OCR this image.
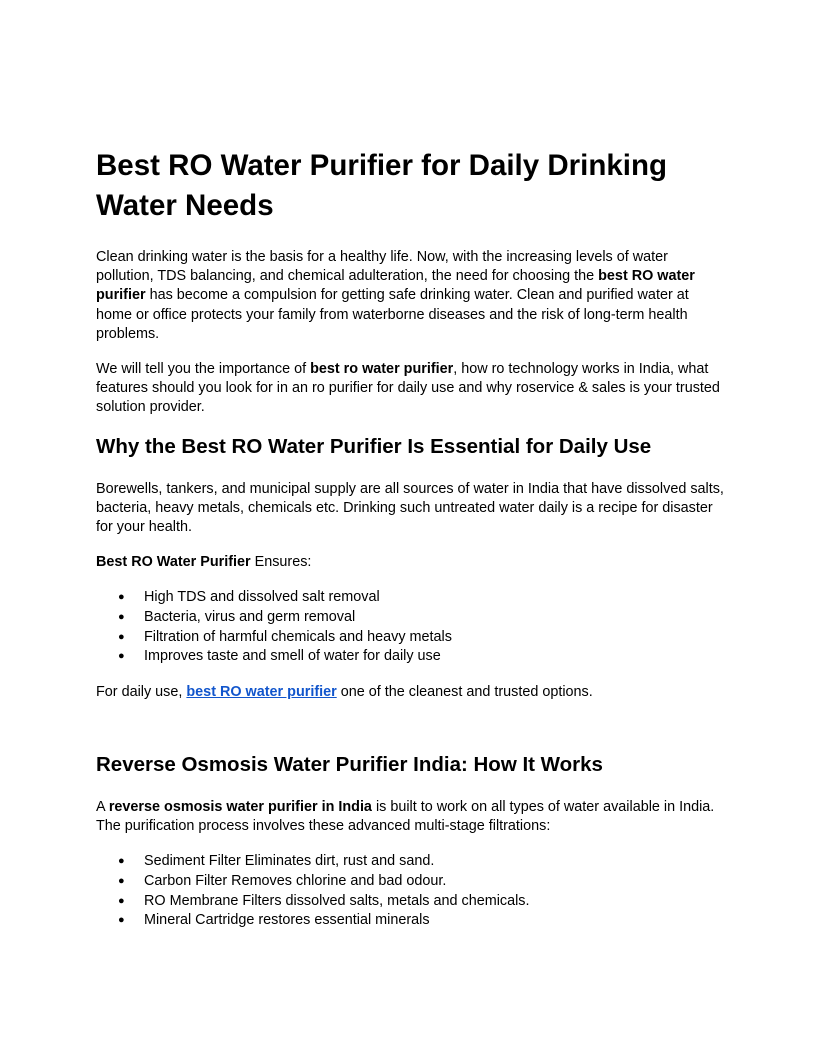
Best RO Water Purifier for Daily Drinking Water Needs

Clean drinking water is the basis for a healthy life. Now, with the increasing levels of water pollution, TDS balancing, and chemical adulteration, the need for choosing the best RO water purifier has become a compulsion for getting safe drinking water. Clean and purified water at home or office protects your family from waterborne diseases and the risk of long-term health problems.

We will tell you the importance of best ro water purifier, how ro technology works in India, what features should you look for in an ro purifier for daily use and why roservice & sales is your trusted solution provider.

Why the Best RO Water Purifier Is Essential for Daily Use

Borewells, tankers, and municipal supply are all sources of water in India that have dissolved salts, bacteria, heavy metals, chemicals etc. Drinking such untreated water daily is a recipe for disaster for your health.

Best RO Water Purifier Ensures:

● High TDS and dissolved salt removal
● Bacteria, virus and germ removal
● Filtration of harmful chemicals and heavy metals
● Improves taste and smell of water for daily use

For daily use, best RO water purifier one of the cleanest and trusted options.

Reverse Osmosis Water Purifier India: How It Works

A reverse osmosis water purifier in India is built to work on all types of water available in India. The purification process involves these advanced multi-stage filtrations:

● Sediment Filter Eliminates dirt, rust and sand.
● Carbon Filter Removes chlorine and bad odour.
● RO Membrane Filters dissolved salts, metals and chemicals.
● Mineral Cartridge restores essential minerals
